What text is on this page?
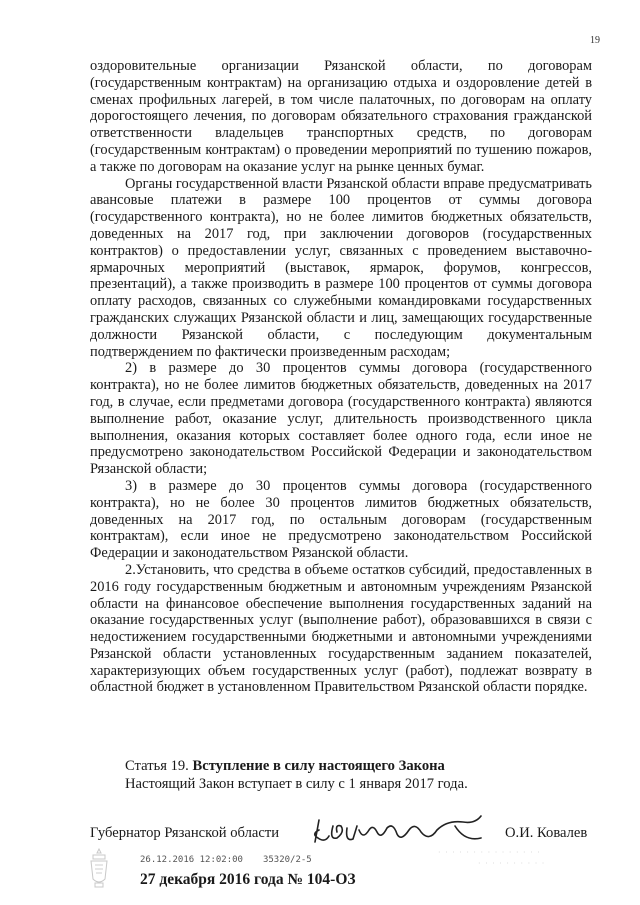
19

оздоровительные организации Рязанской области, по договорам (государственным контрактам) на организацию отдыха и оздоровление детей в сменах профильных лагерей, в том числе палаточных, по договорам на оплату дорогостоящего лечения, по договорам обязательного страхования гражданской ответственности владельцев транспортных средств, по договорам (государственным контрактам) о проведении мероприятий по тушению пожаров, а также по договорам на оказание услуг на рынке ценных бумаг.

Органы государственной власти Рязанской области вправе предусматривать авансовые платежи в размере 100 процентов от суммы договора (государственного контракта), но не более лимитов бюджетных обязательств, доведенных на 2017 год, при заключении договоров (государственных контрактов) о предоставлении услуг, связанных с проведением выставочно-ярмарочных мероприятий (выставок, ярмарок, форумов, конгрессов, презентаций), а также производить в размере 100 процентов от суммы договора оплату расходов, связанных со служебными командировками государственных гражданских служащих Рязанской области и лиц, замещающих государственные должности Рязанской области, с последующим документальным подтверждением по фактически произведенным расходам;

2) в размере до 30 процентов суммы договора (государственного контракта), но не более лимитов бюджетных обязательств, доведенных на 2017 год, в случае, если предметами договора (государственного контракта) являются выполнение работ, оказание услуг, длительность производственного цикла выполнения, оказания которых составляет более одного года, если иное не предусмотрено законодательством Российской Федерации и законодательством Рязанской области;

3) в размере до 30 процентов суммы договора (государственного контракта), но не более 30 процентов лимитов бюджетных обязательств, доведенных на 2017 год, по остальным договорам (государственным контрактам), если иное не предусмотрено законодательством Российской Федерации и законодательством Рязанской области.

2.Установить, что средства в объеме остатков субсидий, предоставленных в 2016 году государственным бюджетным и автономным учреждениям Рязанской области на финансовое обеспечение выполнения государственных заданий на оказание государственных услуг (выполнение работ), образовавшихся в связи с недостижением государственными бюджетными и автономными учреждениями Рязанской области установленных государственным заданием показателей, характеризующих объем государственных услуг (работ), подлежат возврату в областной бюджет в установленном Правительством Рязанской области порядке.

Статья 19. Вступление в силу настоящего Закона

Настоящий Закон вступает в силу с 1 января 2017 года.

Губернатор Рязанской области	О.И. Ковалев
26.12.2016 12:02:00 35320/2-5
· · · · · · · · · · · · · · ·
· · · · · · · · · ·
27 декабря 2016 года № 104-ОЗ
